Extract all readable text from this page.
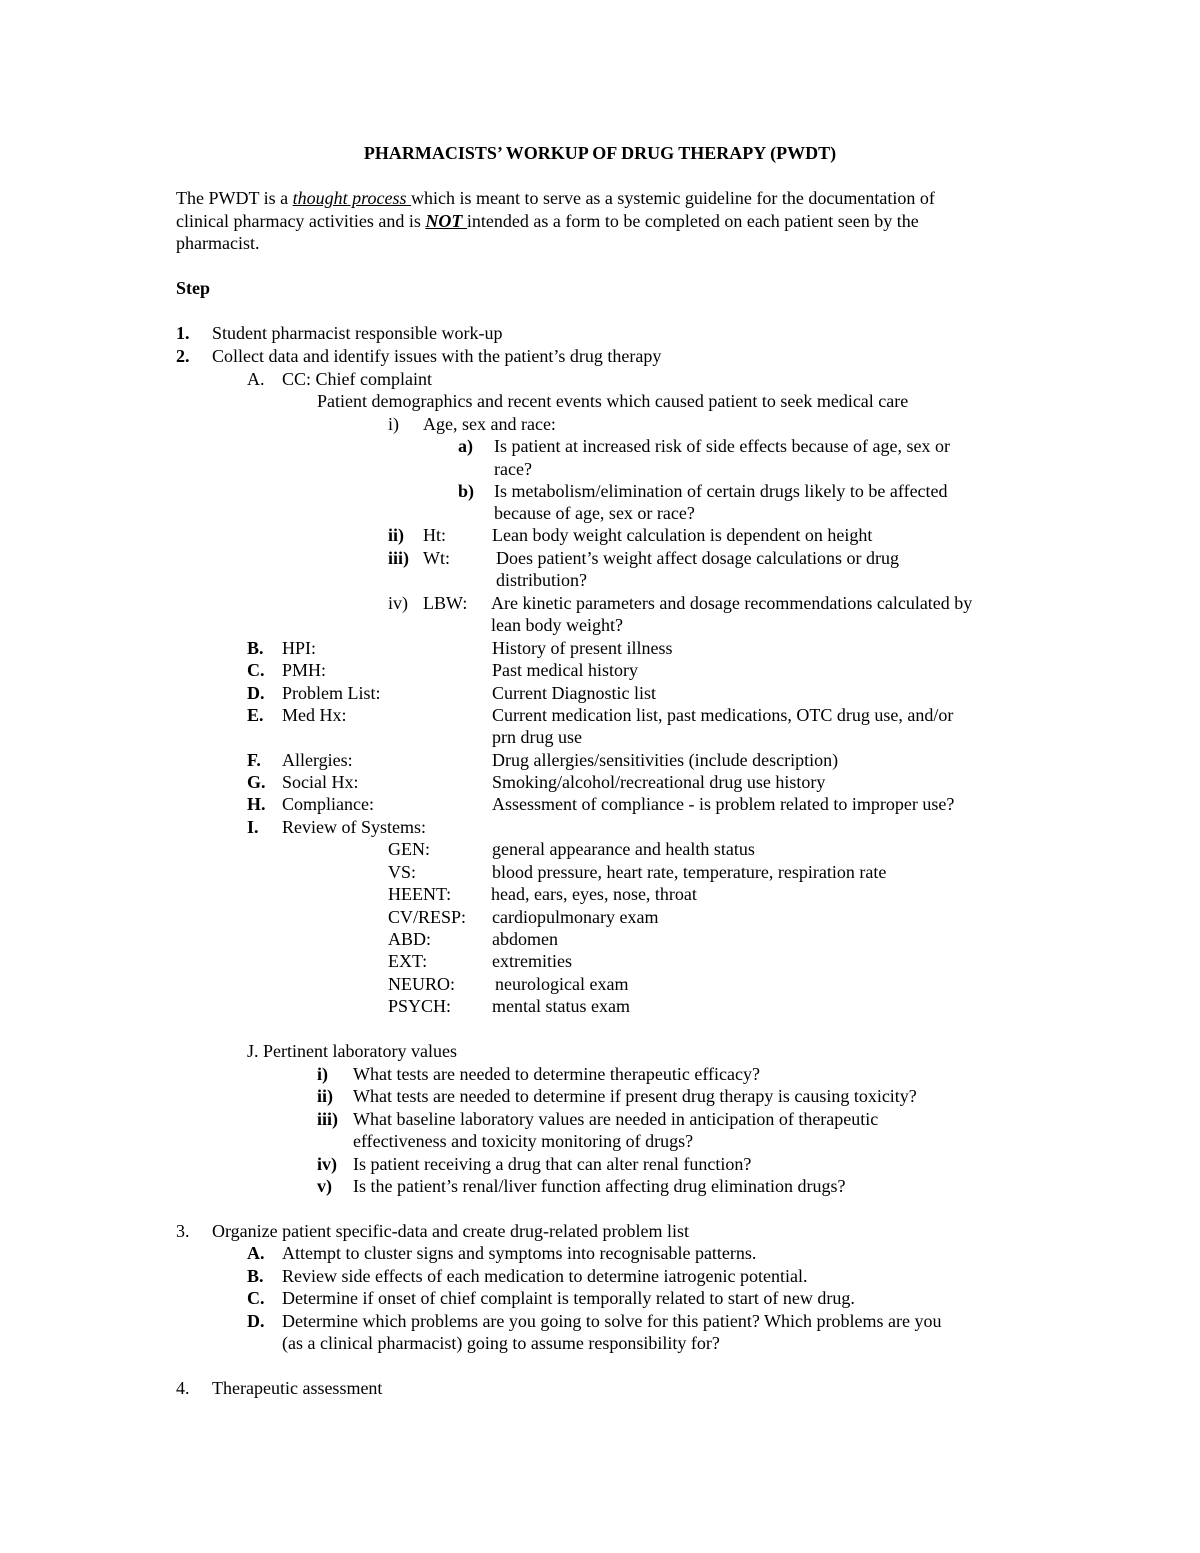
PHARMACISTS’ WORKUP OF DRUG THERAPY (PWDT)
The PWDT is a thought process which is meant to serve as a systemic guideline for the documentation of
clinical pharmacy activities and is NOT intended as a form to be completed on each patient seen by the
pharmacist.
Step
1. Student pharmacist responsible work-up
2. Collect data and identify issues with the patient’s drug therapy
A. CC: Chief complaint
Patient demographics and recent events which caused patient to seek medical care
i) Age, sex and race:
a) Is patient at increased risk of side effects because of age, sex or
race?
b) Is metabolism/elimination of certain drugs likely to be affected
because of age, sex or race?
ii) Ht:	Lean body weight calculation is dependent on height
iii) Wt:	Does patient’s weight affect dosage calculations or drug
distribution?
iv) LBW: Are kinetic parameters and dosage recommendations calculated by
lean body weight?
B. HPI:	History of present illness
C. PMH:	Past medical history
D. Problem List:	Current Diagnostic list
E. Med Hx:	Current medication list, past medications, OTC drug use, and/or
prn drug use
F. Allergies:	Drug allergies/sensitivities (include description)
G. Social Hx:	Smoking/alcohol/recreational drug use history
H. Compliance:	Assessment of compliance - is problem related to improper use?
I. Review of Systems:
GEN:	general appearance and health status
VS:	blood pressure, heart rate, temperature, respiration rate
HEENT: head, ears, eyes, nose, throat
CV/RESP: cardiopulmonary exam
ABD:	abdomen
EXT:	extremities
NEURO: neurological exam
PSYCH: mental status exam
J. Pertinent laboratory values
i) What tests are needed to determine therapeutic efficacy?
ii) What tests are needed to determine if present drug therapy is causing toxicity?
iii) What baseline laboratory values are needed in anticipation of therapeutic
effectiveness and toxicity monitoring of drugs?
iv) Is patient receiving a drug that can alter renal function?
v) Is the patient’s renal/liver function affecting drug elimination drugs?
3. Organize patient specific-data and create drug-related problem list
A. Attempt to cluster signs and symptoms into recognisable patterns.
B. Review side effects of each medication to determine iatrogenic potential.
C. Determine if onset of chief complaint is temporally related to start of new drug.
D. Determine which problems are you going to solve for this patient? Which problems are you
(as a clinical pharmacist) going to assume responsibility for?
4. Therapeutic assessment
